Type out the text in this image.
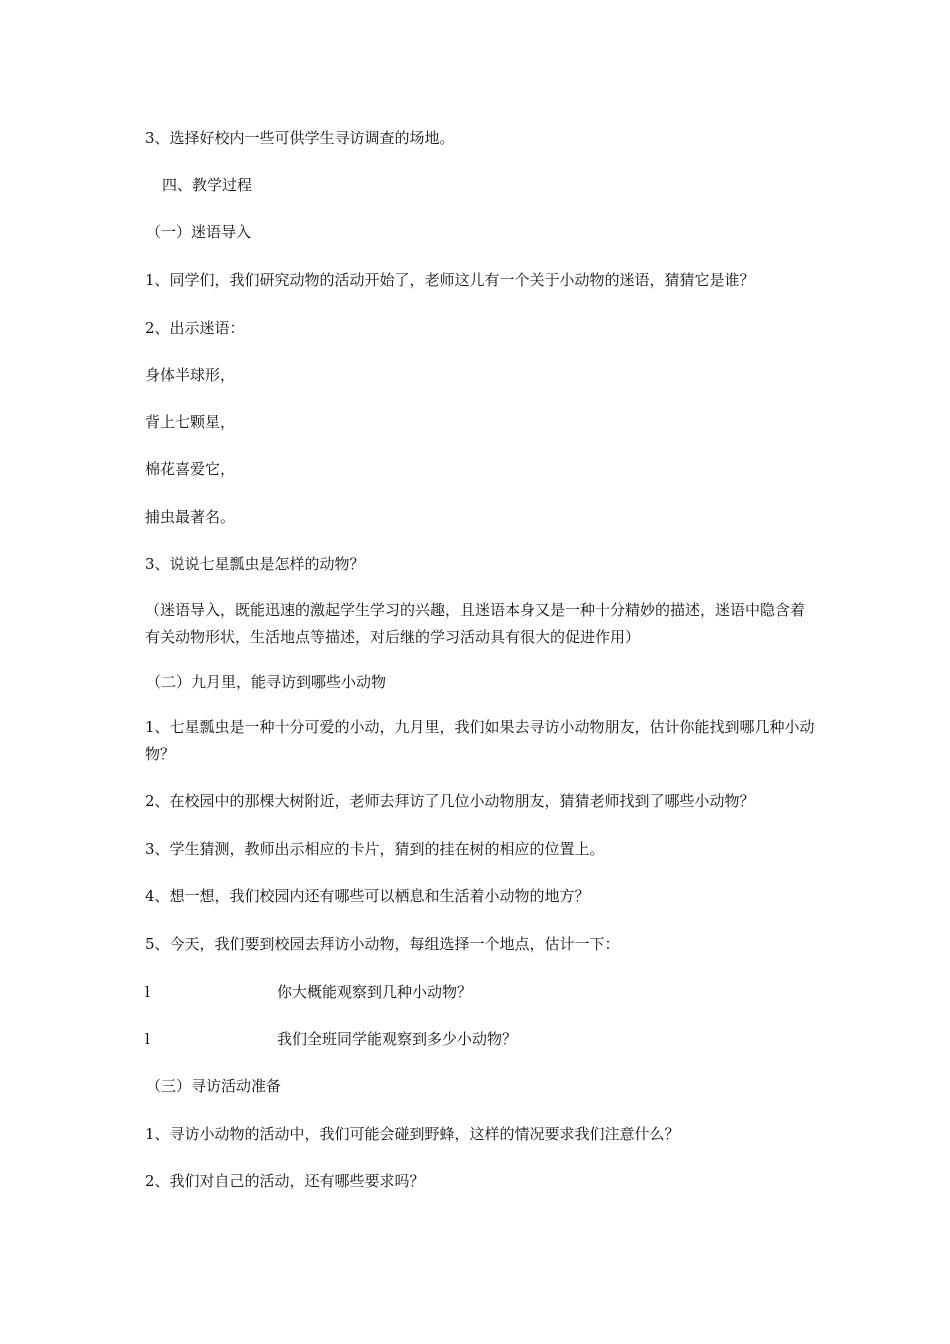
3、选择好校内一些可供学生寻访调查的场地。
四、教学过程
（一）迷语导入
1、同学们，我们研究动物的活动开始了，老师这儿有一个关于小动物的迷语，猜猜它是谁？
2、出示迷语：
身体半球形，
背上七颗星，
棉花喜爱它，
捕虫最著名。
3、说说七星瓢虫是怎样的动物？
（迷语导入，既能迅速的激起学生学习的兴趣，且迷语本身又是一种十分精妙的描述，迷语中隐含着有关动物形状，生活地点等描述，对后继的学习活动具有很大的促进作用）
（二）九月里，能寻访到哪些小动物
1、七星瓢虫是一种十分可爱的小动，九月里，我们如果去寻访小动物朋友，估计你能找到哪几种小动物？
2、在校园中的那棵大树附近，老师去拜访了几位小动物朋友，猜猜老师找到了哪些小动物？
3、学生猜测，教师出示相应的卡片，猜到的挂在树的相应的位置上。
4、想一想，我们校园内还有哪些可以栖息和生活着小动物的地方？
5、今天，我们要到校园去拜访小动物，每组选择一个地点，估计一下：
l	你大概能观察到几种小动物？
l	我们全班同学能观察到多少小动物？
（三）寻访活动准备
1、寻访小动物的活动中，我们可能会碰到野蜂，这样的情况要求我们注意什么？
2、我们对自己的活动，还有哪些要求吗？
